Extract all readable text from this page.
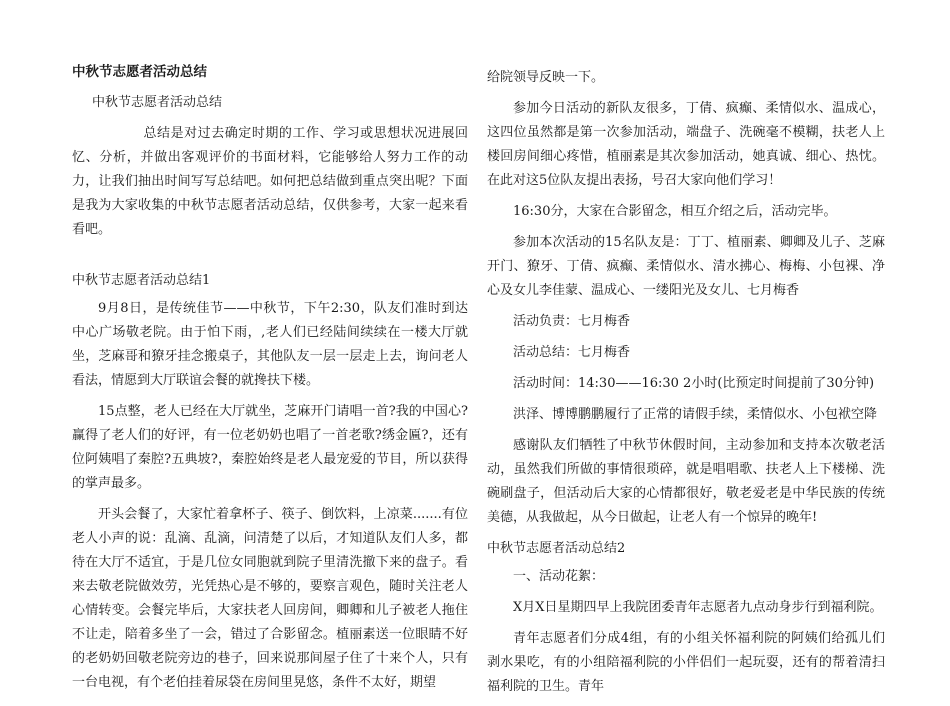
中秋节志愿者活动总结

中秋节志愿者活动总结

总结是对过去确定时期的工作、学习或思想状况进展回忆、分析，并做出客观评价的书面材料，它能够给人努力工作的动力，让我们抽出时间写写总结吧。如何把总结做到重点突出呢？下面是我为大家收集的中秋节志愿者活动总结，仅供参考，大家一起来看看吧。

中秋节志愿者活动总结1

9月8日，是传统佳节——中秋节，下午2:30，队友们准时到达中心广场敬老院。由于怕下雨，,老人们已经陆间续续在一楼大厅就坐，芝麻哥和獠牙挂念搬桌子，其他队友一层一层走上去，询问老人看法，情愿到大厅联谊会餐的就搀扶下楼。

15点整，老人已经在大厅就坐，芝麻开门请唱一首?我的中国心?赢得了老人们的好评，有一位老奶奶也唱了一首老歌?绣金匾?，还有位阿姨唱了秦腔?五典坡?，秦腔始终是老人最宠爱的节目，所以获得的掌声最多。

开头会餐了，大家忙着拿杯子、筷子、倒饮料，上凉菜.......有位老人小声的说：乱滴、乱滴，问清楚了以后，才知道队友们人多，都待在大厅不适宜，于是几位女同胞就到院子里清洗撤下来的盘子。看来去敬老院做效劳，光凭热心是不够的，要察言观色，随时关注老人心情转变。会餐完毕后，大家扶老人回房间，卿卿和儿子被老人拖住不让走，陪着多坐了一会，错过了合影留念。植丽素送一位眼睛不好的老奶奶回敬老院旁边的巷子，回来说那间屋子住了十来个人，只有一台电视，有个老伯挂着尿袋在房间里晃悠，条件不太好，期望

给院领导反映一下。

参加今日活动的新队友很多，丁倩、疯癫、柔情似水、温成心，这四位虽然都是第一次参加活动，端盘子、洗碗毫不模糊，扶老人上楼回房间细心疼惜，植丽素是其次参加活动，她真诚、细心、热忱。在此对这5位队友提出表扬，号召大家向他们学习！

16:30分，大家在合影留念，相互介绍之后，活动完毕。

参加本次活动的15名队友是：丁丁、植丽素、卿卿及儿子、芝麻开门、獠牙、丁倩、疯癫、柔情似水、清水拂心、梅梅、小包裸、净心及女儿李佳蒙、温成心、一缕阳光及女儿、七月梅香

活动负责：七月梅香

活动总结：七月梅香

活动时间：14:30——16:30 2小时(比预定时间提前了30分钟)

洪泽、博博鹏鹏履行了正常的请假手续，柔情似水、小包袱空降

感谢队友们牺牲了中秋节休假时间，主动参加和支持本次敬老活动，虽然我们所做的事情很琐碎，就是唱唱歌、扶老人上下楼梯、洗碗刷盘子，但活动后大家的心情都很好，敬老爱老是中华民族的传统美德，从我做起，从今日做起，让老人有一个惊异的晚年!

中秋节志愿者活动总结2

一、活动花絮：

X月X日星期四早上我院团委青年志愿者九点动身步行到福利院。

青年志愿者们分成4组，有的小组关怀福利院的阿姨们给孤儿们剥水果吃，有的小组陪福利院的小伴侣们一起玩耍，还有的帮着清扫福利院的卫生。青年
